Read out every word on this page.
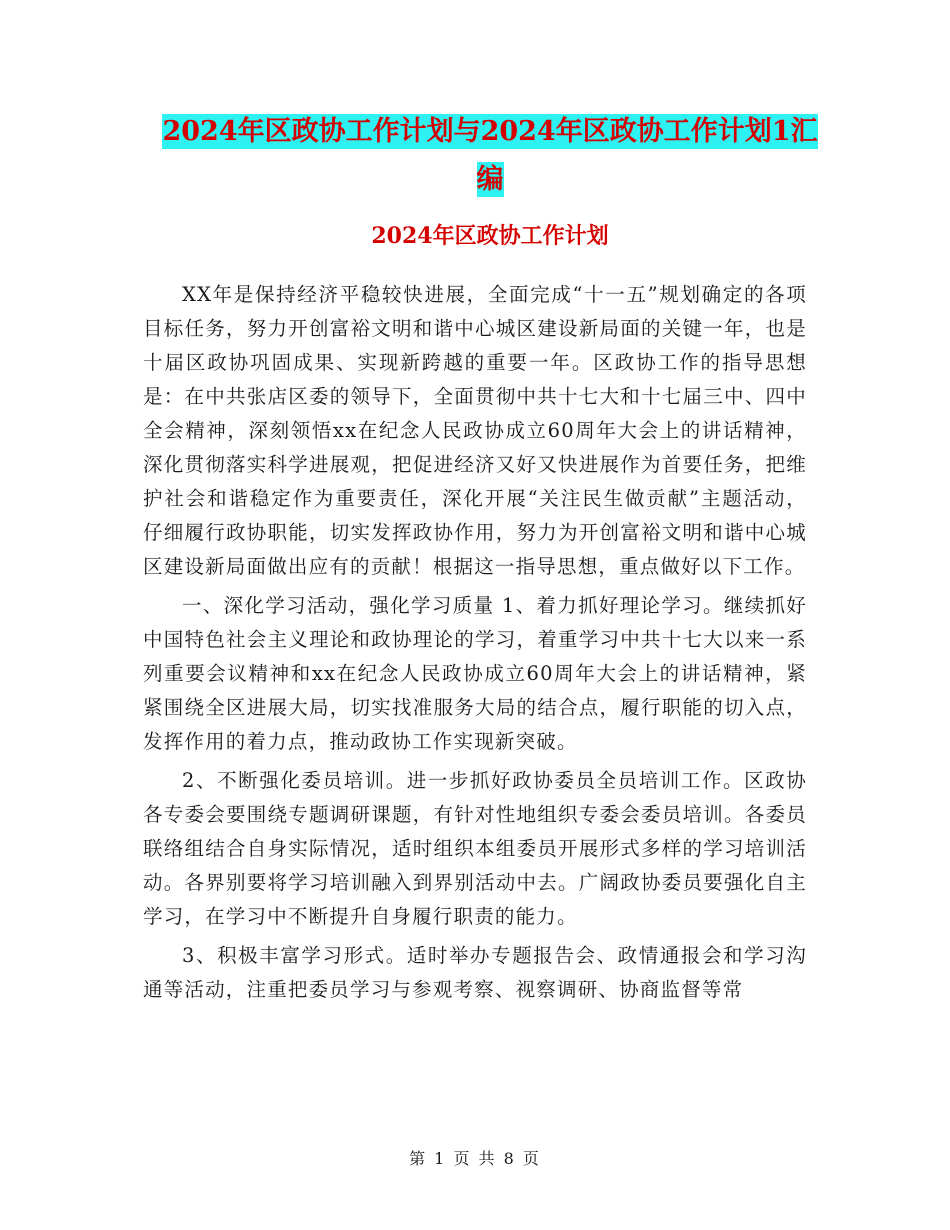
2024年区政协工作计划与2024年区政协工作计划1汇
编
2024年区政协工作计划

XX年是保持经济平稳较快进展，全面完成“十一五”规划确定的各项目标任务，努力开创富裕文明和谐中心城区建设新局面的关键一年，也是十届区政协巩固成果、实现新跨越的重要一年。区政协工作的指导思想是：在中共张店区委的领导下，全面贯彻中共十七大和十七届三中、四中全会精神，深刻领悟xx在纪念人民政协成立60周年大会上的讲话精神，深化贯彻落实科学进展观，把促进经济又好又快进展作为首要任务，把维护社会和谐稳定作为重要责任，深化开展“关注民生做贡献”主题活动，仔细履行政协职能，切实发挥政协作用，努力为开创富裕文明和谐中心城区建设新局面做出应有的贡献！根据这一指导思想，重点做好以下工作。

一、深化学习活动，强化学习质量 1、着力抓好理论学习。继续抓好中国特色社会主义理论和政协理论的学习，着重学习中共十七大以来一系列重要会议精神和xx在纪念人民政协成立60周年大会上的讲话精神，紧紧围绕全区进展大局，切实找准服务大局的结合点，履行职能的切入点，发挥作用的着力点，推动政协工作实现新突破。

2、不断强化委员培训。进一步抓好政协委员全员培训工作。区政协各专委会要围绕专题调研课题，有针对性地组织专委会委员培训。各委员联络组结合自身实际情况，适时组织本组委员开展形式多样的学习培训活动。各界别要将学习培训融入到界别活动中去。广阔政协委员要强化自主学习，在学习中不断提升自身履行职责的能力。

3、积极丰富学习形式。适时举办专题报告会、政情通报会和学习沟通等活动，注重把委员学习与参观考察、视察调研、协商监督等常

第 1 页 共 8 页
